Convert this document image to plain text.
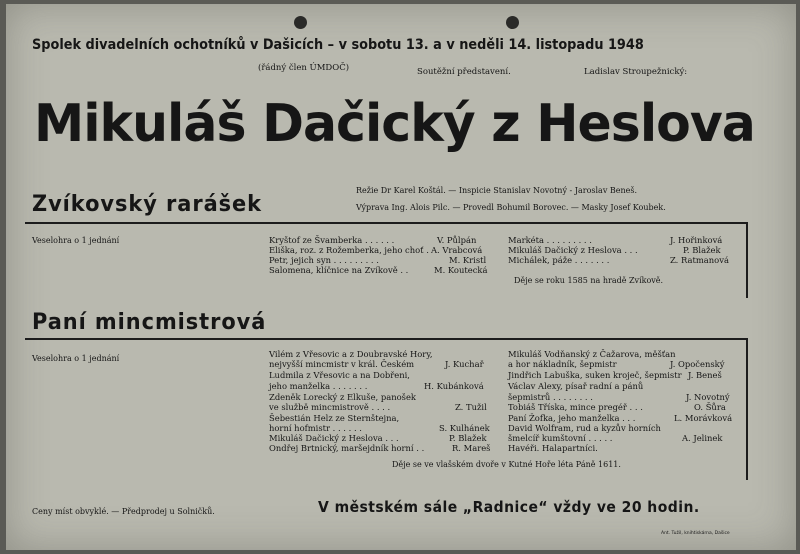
Spolek divadelních ochotníků v Dašicích – v sobotu 13. a v neděli 14. listopadu 1948
(řádný člen ÚMDOČ)	Soutěžní představení.	Ladislav Stroupežnický:
Mikuláš Dačický z Heslova
Režie Dr Karel Koštál. — Inspicie Stanislav Novotný - Jaroslav Beneš.
Výprava Ing. Alois Pilc. — Provedl Bohumil Borovec. — Masky Josef Koubek.
Zvíkovský rarášek
Veselohra o 1 jednání	Kryštof ze Švamberka . . . . . .	V. Půlpán
Eliška, roz. z Rožemberka, jeho choť . A. Vrabcová
Petr, jejich syn . . . . . . . . .	M. Kristl
Salomena, klíčnice na Zvíkově . .	M. Koutecká
Markéta . . . . . . . . .	J. Hořinková
Mikuláš Dačický z Heslova . . .	P. Blažek
Michálek, páže . . . . . . .	Z. Ratmanová
Děje se roku 1585 na hradě Zvíkově.
Paní mincmistrová
Veselohra o 1 jednání	Vilém z Vřesovic a z Doubravské Hory,
nejvyšší mincmistr v král. Českém	J. Kuchař
Ludmila z Vřesovic a na Dobřeni,
jeho manželka . . . . . . .	H. Kubánková
Zdeněk Lorecký z Elkuše, panošek
ve službě mincmistrově . . . .	Z. Tužil
Šebestián Helz ze Sternštejna,
horní hofmistr . . . . . .	S. Kulhánek
Mikuláš Dačický z Heslova . . .	P. Blažek
Ondřej Brtnický, maršejdník horní . .	R. Mareš
Mikuláš Vodňanský z Čažarova, měšťan
a hor nákladník, šepmistr	J. Opočenský
Jindřich Labuška, suken kroječ, šepmistr J. Beneš
Václav Alexy, písař radní a pánů
šepmistrů . . . . . . . .	J. Novotný
Tobiáš Tříska, mince pregéř . . .	O. Šůra
Paní Žofka, jeho manželka . . .	L. Morávková
David Wolfram, rud a kyzův horních
šmelcíř kumštovní . . . . .	A. Jelinek
Havéři. Halapartníci.
Děje se ve vlašském dvoře v Kutné Hoře léta Páně 1611.
Ceny míst obvyklé. — Předprodej u Solničků.	V městském sále „Radnice“ vždy ve 20 hodin.
Ant. Tužil, knihtiskárna, Dašice
